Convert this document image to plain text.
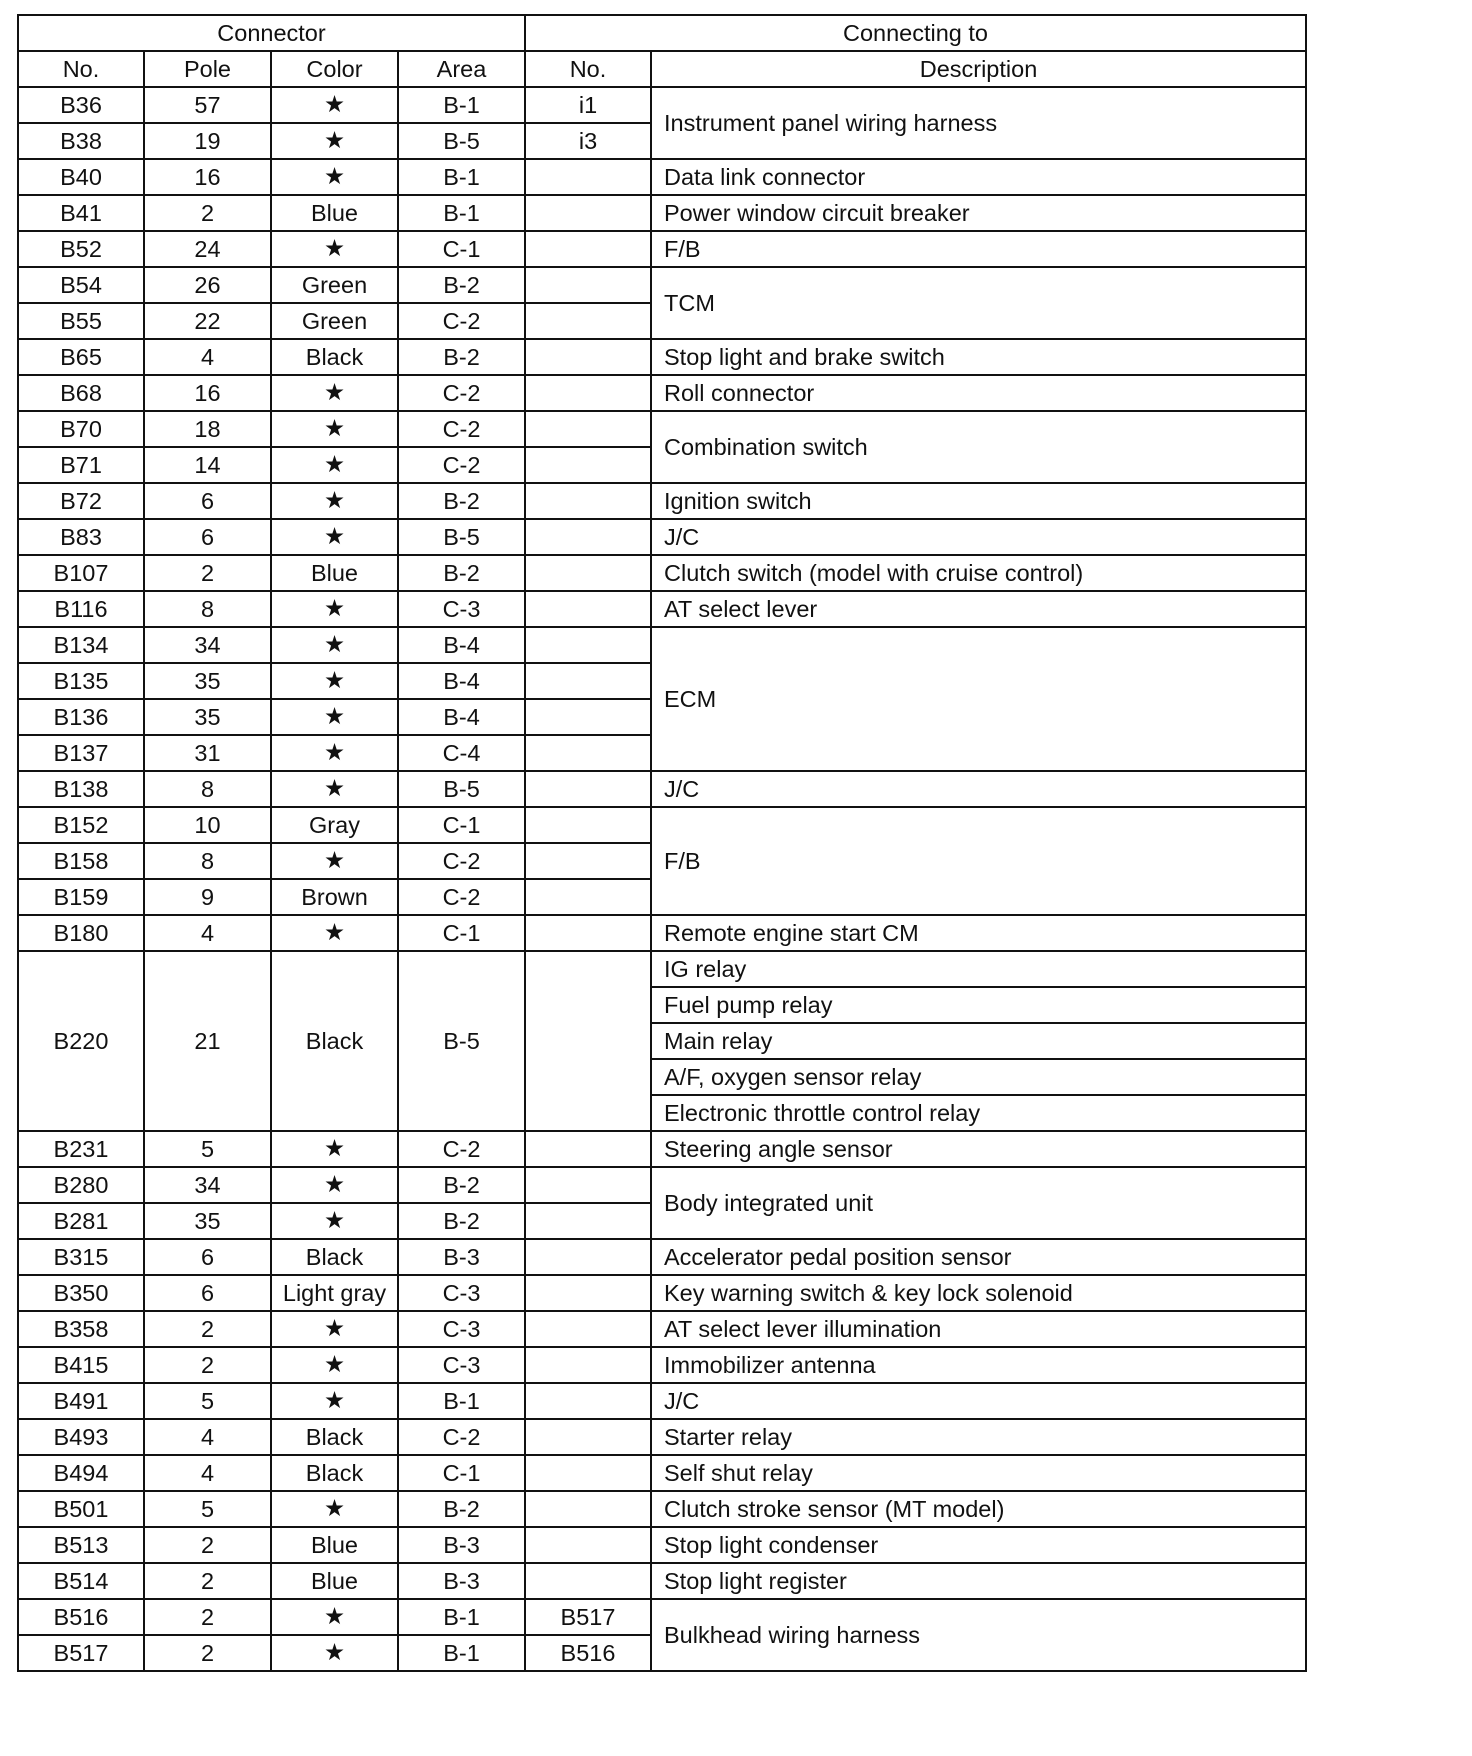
Connector				Connecting to	
No.	Pole	Color	Area	No.	Description
B36	57	★	B-1	i1	Instrument panel wiring harness
B38	19	★	B-5	i3	
B40	16	★	B-1		Data link connector
B41	2	Blue	B-1		Power window circuit breaker
B52	24	★	C-1		F/B
B54	26	Green	B-2		TCM
B55	22	Green	C-2		
B65	4	Black	B-2		Stop light and brake switch
B68	16	★	C-2		Roll connector
B70	18	★	C-2		Combination switch
B71	14	★	C-2		
B72	6	★	B-2		Ignition switch
B83	6	★	B-5		J/C
B107	2	Blue	B-2		Clutch switch (model with cruise control)
B116	8	★	C-3		AT select lever
B134	34	★	B-4		ECM
B135	35	★	B-4		
B136	35	★	B-4		
B137	31	★	C-4		
B138	8	★	B-5		J/C
B152	10	Gray	C-1		F/B
B158	8	★	C-2		
B159	9	Brown	C-2		
B180	4	★	C-1		Remote engine start CM
B220	21	Black	B-5		IG relay
					Fuel pump relay
					Main relay
					A/F, oxygen sensor relay
					Electronic throttle control relay
B231	5	★	C-2		Steering angle sensor
B280	34	★	B-2		Body integrated unit
B281	35	★	B-2		
B315	6	Black	B-3		Accelerator pedal position sensor
B350	6	Light gray	C-3		Key warning switch & key lock solenoid
B358	2	★	C-3		AT select lever illumination
B415	2	★	C-3		Immobilizer antenna
B491	5	★	B-1		J/C
B493	4	Black	C-2		Starter relay
B494	4	Black	C-1		Self shut relay
B501	5	★	B-2		Clutch stroke sensor (MT model)
B513	2	Blue	B-3		Stop light condenser
B514	2	Blue	B-3		Stop light register
B516	2	★	B-1	B517	Bulkhead wiring harness
B517	2	★	B-1	B516	
